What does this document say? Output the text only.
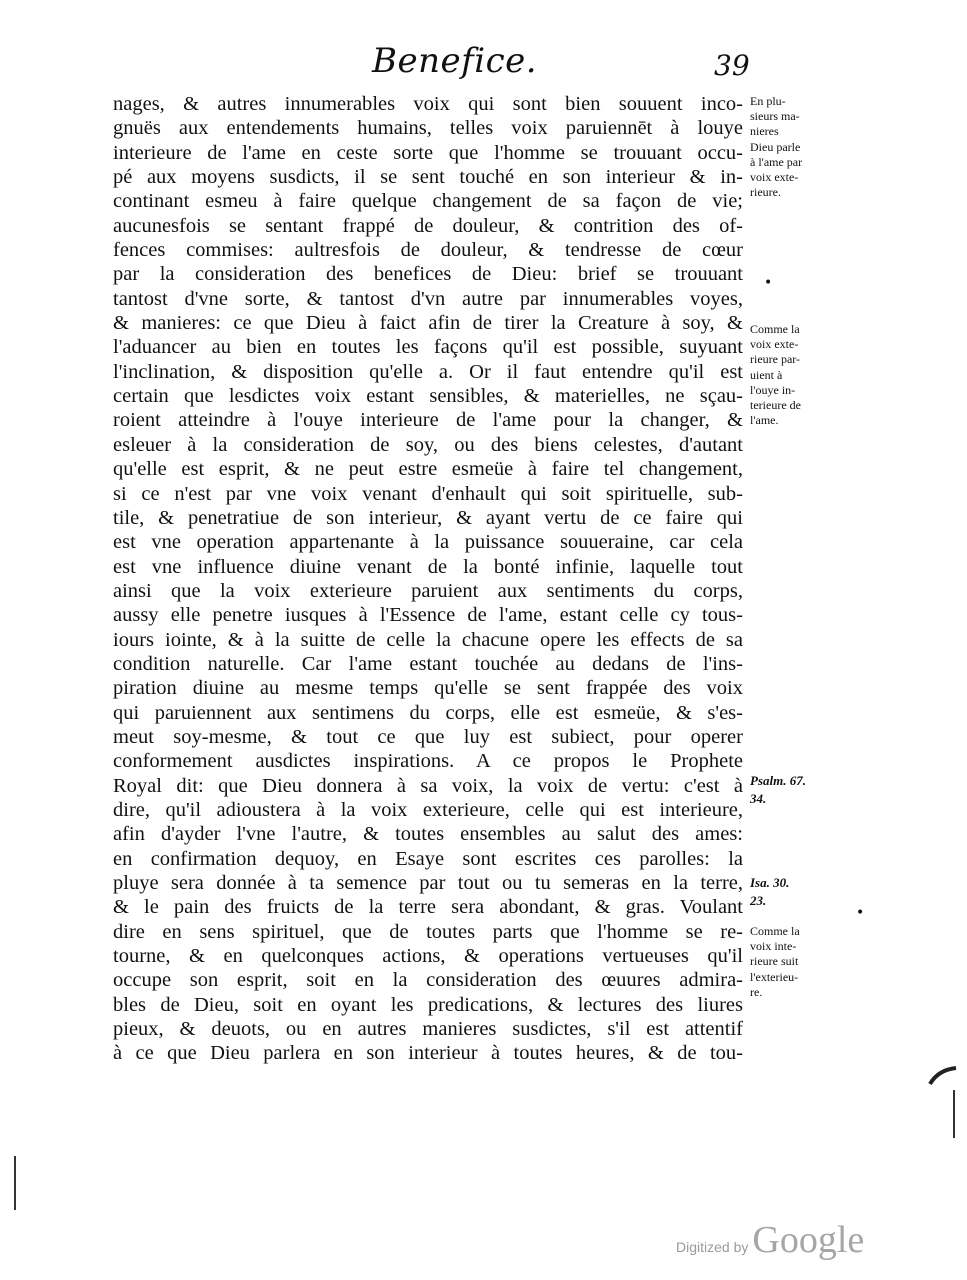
Benefice.	39
nages, & autres innumerables voix qui sont bien souuent inco-
gnuës aux entendements humains, telles voix paruiennēt à louye
interieure de l'ame en ceste sorte que l'homme se trouuant occu-
pé aux moyens susdicts, il se sent touché en son interieur & in-
continant esmeu à faire quelque changement de sa façon de vie;
aucunesfois se sentant frappé de douleur, & contrition des of-
fences commises: aultresfois de douleur, & tendresse de cœur
par la consideration des benefices de Dieu: brief se trouuant
tantost d'vne sorte, & tantost d'vn autre par innumerables voyes,
& manieres: ce que Dieu à faict afin de tirer la Creature à soy, &
l'aduancer au bien en toutes les façons qu'il est possible, suyuant
l'inclination, & disposition qu'elle a. Or il faut entendre qu'il est
certain que lesdictes voix estant sensibles, & materielles, ne sçau-
roient atteindre à l'ouye interieure de l'ame pour la changer, &
esleuer à la consideration de soy, ou des biens celestes, d'autant
qu'elle est esprit, & ne peut estre esmeüe à faire tel changement,
si ce n'est par vne voix venant d'enhault qui soit spirituelle, sub-
tile, & penetratiue de son interieur, & ayant vertu de ce faire qui
est vne operation appartenante à la puissance souueraine, car cela
est vne influence diuine venant de la bonté infinie, laquelle tout
ainsi que la voix exterieure paruient aux sentiments du corps,
aussy elle penetre iusques à l'Essence de l'ame, estant celle cy tous-
iours iointe, & à la suitte de celle la chacune opere les effects de sa
condition naturelle. Car l'ame estant touchée au dedans de l'ins-
piration diuine au mesme temps qu'elle se sent frappée des voix
qui paruiennent aux sentimens du corps, elle est esmeüe, & s'es-
meut soy-mesme, & tout ce que luy est subiect, pour operer
conformement ausdictes inspirations. A ce propos le Prophete
Royal dit: que Dieu donnera à sa voix, la voix de vertu: c'est à
dire, qu'il adioustera à la voix exterieure, celle qui est interieure,
afin d'ayder l'vne l'autre, & toutes ensembles au salut des ames:
en confirmation dequoy, en Esaye sont escrites ces parolles: la
pluye sera donnée à ta semence par tout ou tu semeras en la terre,
& le pain des fruicts de la terre sera abondant, & gras. Voulant
dire en sens spirituel, que de toutes parts que l'homme se re-
tourne, & en quelconques actions, & operations vertueuses qu'il
occupe son esprit, soit en la consideration des œuures admira-
bles de Dieu, soit en oyant les predications, & lectures des liures
pieux, & deuots, ou en autres manieres susdictes, s'il est attentif
à ce que Dieu parlera en son interieur à toutes heures, & de tou-
En plu-
sieurs ma-
nieres
Dieu parle
à l'ame par
voix exte-
rieure.
Comme la
voix exte-
rieure par-
uient à
l'ouye in-
terieure de
l'ame.
Psalm. 67.
34.
Isa. 30.
23.
Comme la
voix inte-
rieure suit
l'exterieu-
re.
•
•
Digitized by Google
